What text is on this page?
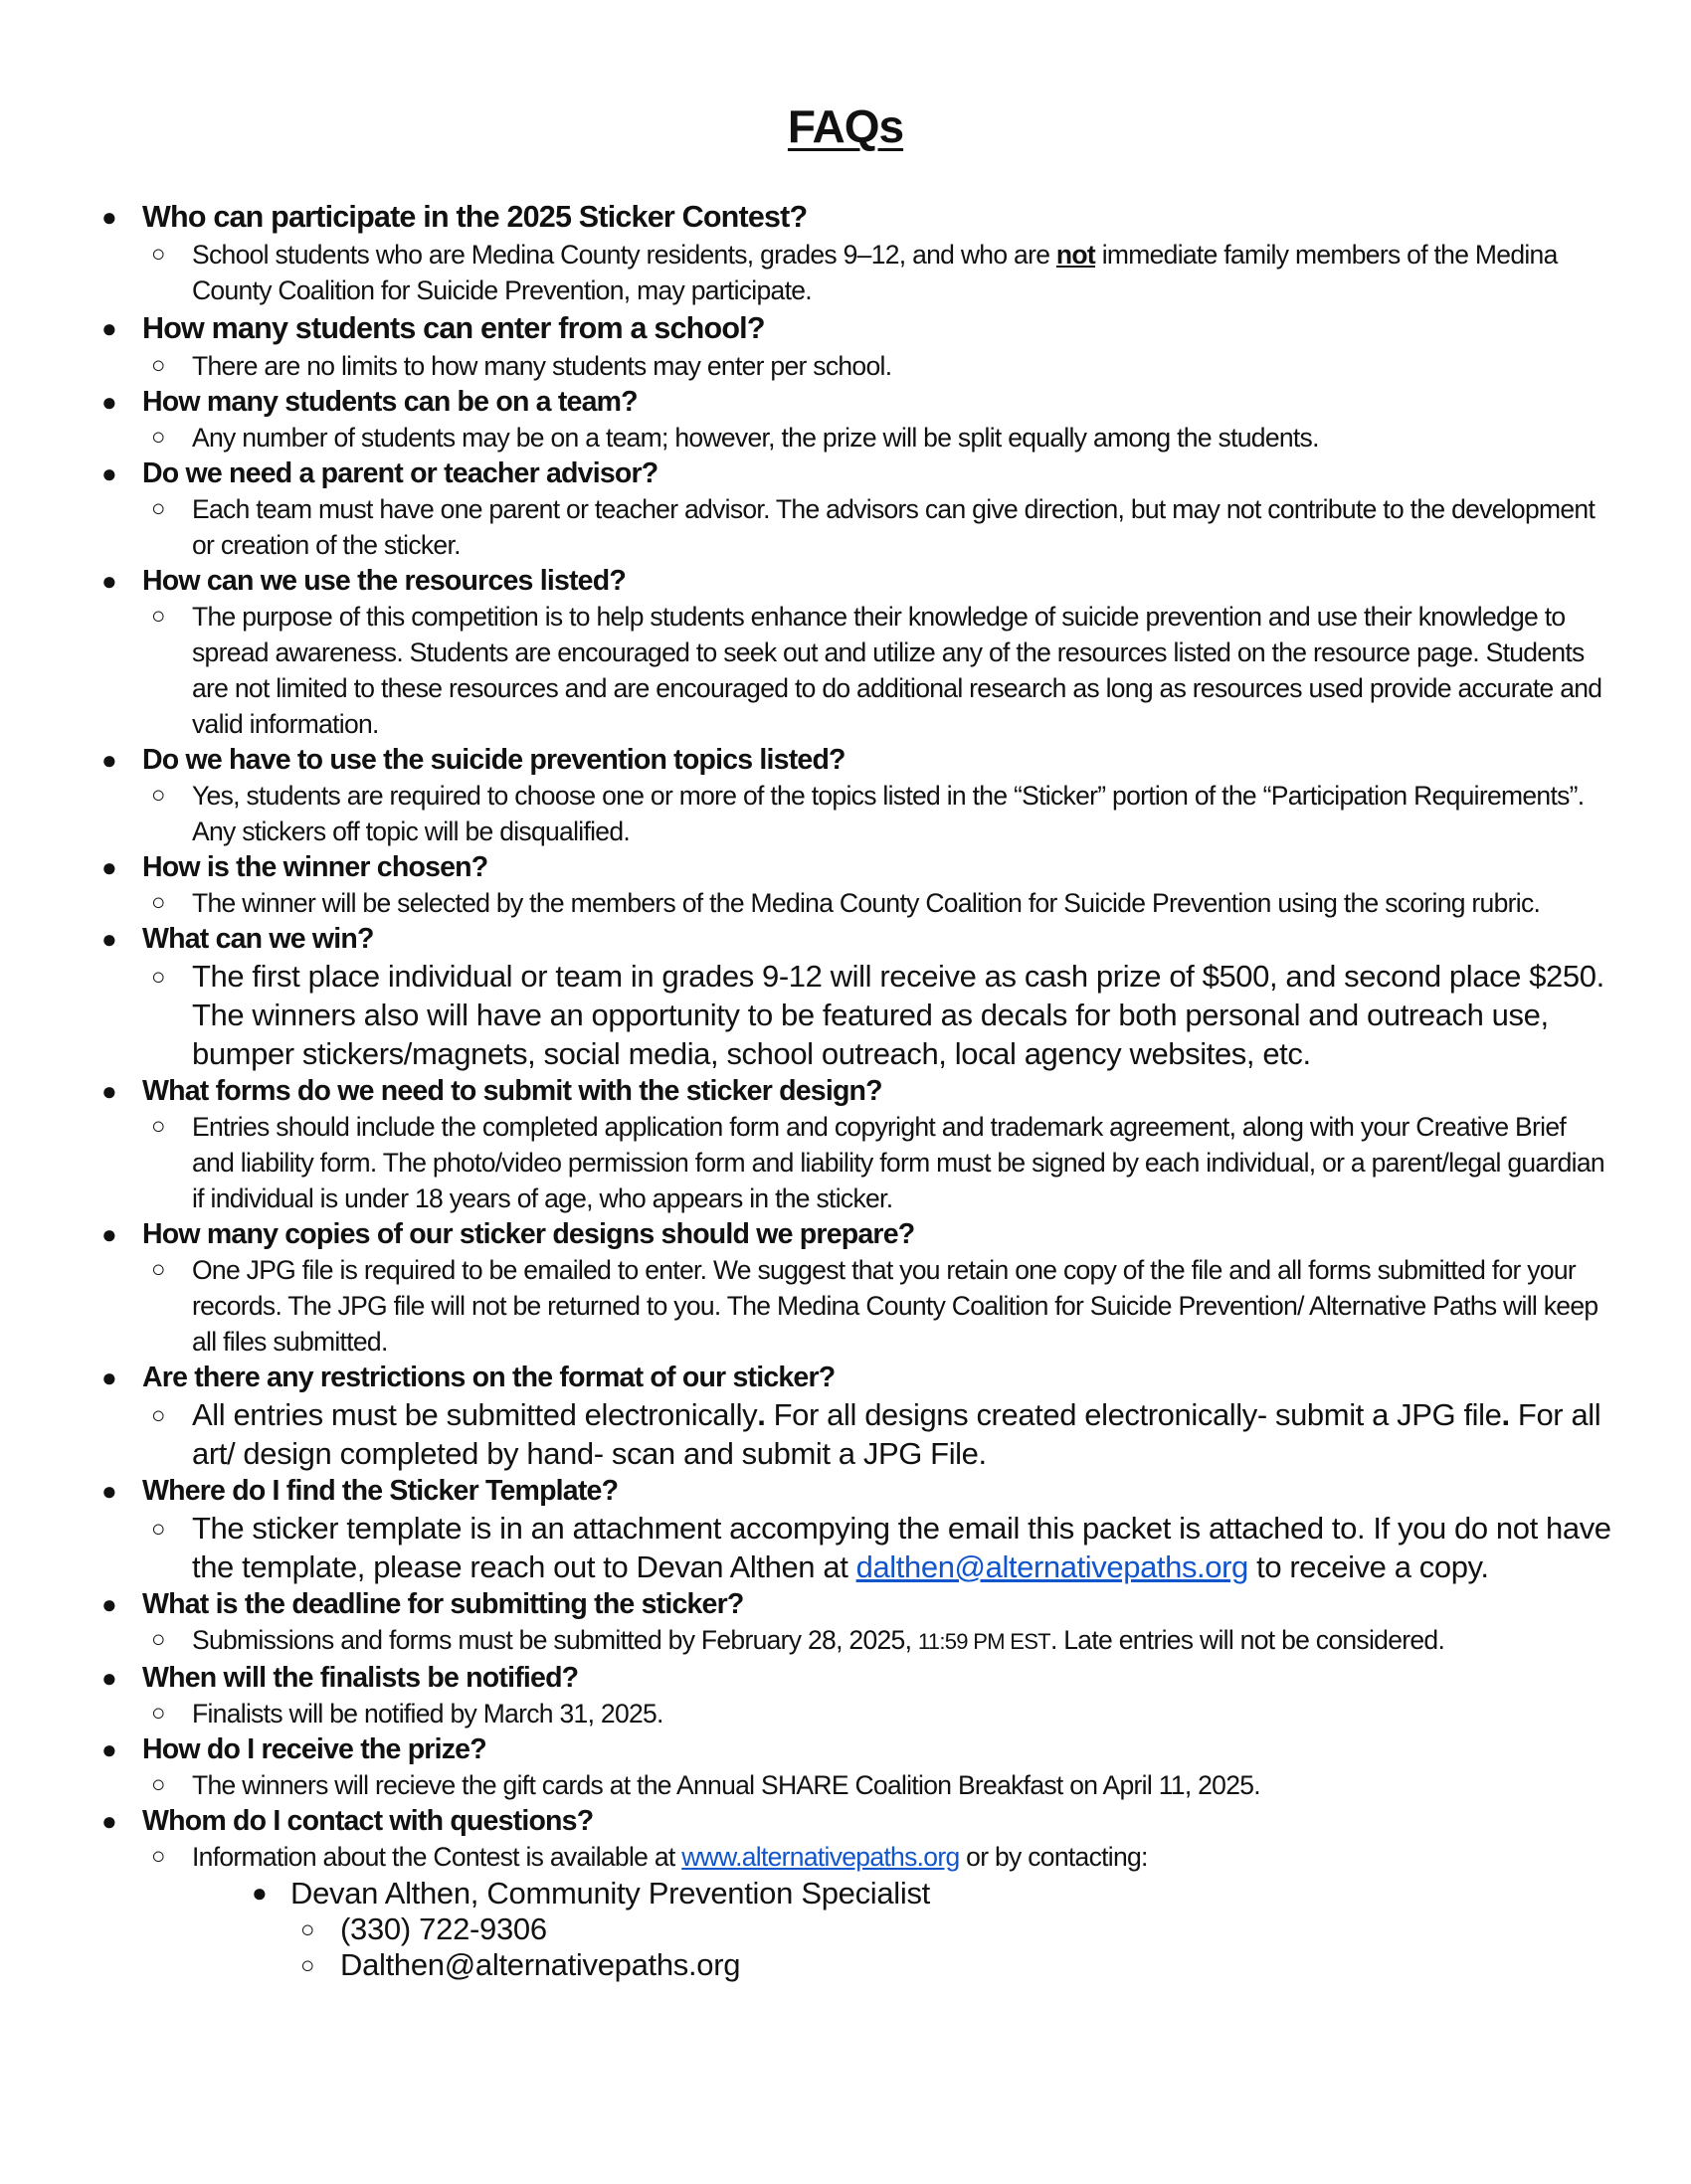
FAQs
● Who can participate in the 2025 Sticker Contest?
○ School students who are Medina County residents, grades 9–12, and who are not immediate family members of the Medina County Coalition for Suicide Prevention, may participate.
● How many students can enter from a school?
○ There are no limits to how many students may enter per school.
● How many students can be on a team?
○ Any number of students may be on a team; however, the prize will be split equally among the students.
● Do we need a parent or teacher advisor?
○ Each team must have one parent or teacher advisor. The advisors can give direction, but may not contribute to the development or creation of the sticker.
● How can we use the resources listed?
○ The purpose of this competition is to help students enhance their knowledge of suicide prevention and use their knowledge to spread awareness. Students are encouraged to seek out and utilize any of the resources listed on the resource page. Students are not limited to these resources and are encouraged to do additional research as long as resources used provide accurate and valid information.
● Do we have to use the suicide prevention topics listed?
○ Yes, students are required to choose one or more of the topics listed in the “Sticker” portion of the “Participation Requirements”. Any stickers off topic will be disqualified.
● How is the winner chosen?
○ The winner will be selected by the members of the Medina County Coalition for Suicide Prevention using the scoring rubric.
● What can we win?
○ The first place individual or team in grades 9-12 will receive as cash prize of $500, and second place $250. The winners also will have an opportunity to be featured as decals for both personal and outreach use, bumper stickers/magnets, social media, school outreach, local agency websites, etc.
● What forms do we need to submit with the sticker design?
○ Entries should include the completed application form and copyright and trademark agreement, along with your Creative Brief and liability form. The photo/video permission form and liability form must be signed by each individual, or a parent/legal guardian if individual is under 18 years of age, who appears in the sticker.
● How many copies of our sticker designs should we prepare?
○ One JPG file is required to be emailed to enter. We suggest that you retain one copy of the file and all forms submitted for your records. The JPG file will not be returned to you. The Medina County Coalition for Suicide Prevention/ Alternative Paths will keep all files submitted.
● Are there any restrictions on the format of our sticker?
○ All entries must be submitted electronically. For all designs created electronically- submit a JPG file. For all art/ design completed by hand- scan and submit a JPG File.
● Where do I find the Sticker Template?
○ The sticker template is in an attachment accompying the email this packet is attached to. If you do not have the template, please reach out to Devan Althen at dalthen@alternativepaths.org to receive a copy.
● What is the deadline for submitting the sticker?
○ Submissions and forms must be submitted by February 28, 2025, 11:59 PM EST. Late entries will not be considered.
● When will the finalists be notified?
○ Finalists will be notified by March 31, 2025.
● How do I receive the prize?
○ The winners will recieve the gift cards at the Annual SHARE Coalition Breakfast on April 11, 2025.
● Whom do I contact with questions?
○ Information about the Contest is available at www.alternativepaths.org or by contacting:
● Devan Althen, Community Prevention Specialist
○ (330) 722-9306
○ Dalthen@alternativepaths.org
